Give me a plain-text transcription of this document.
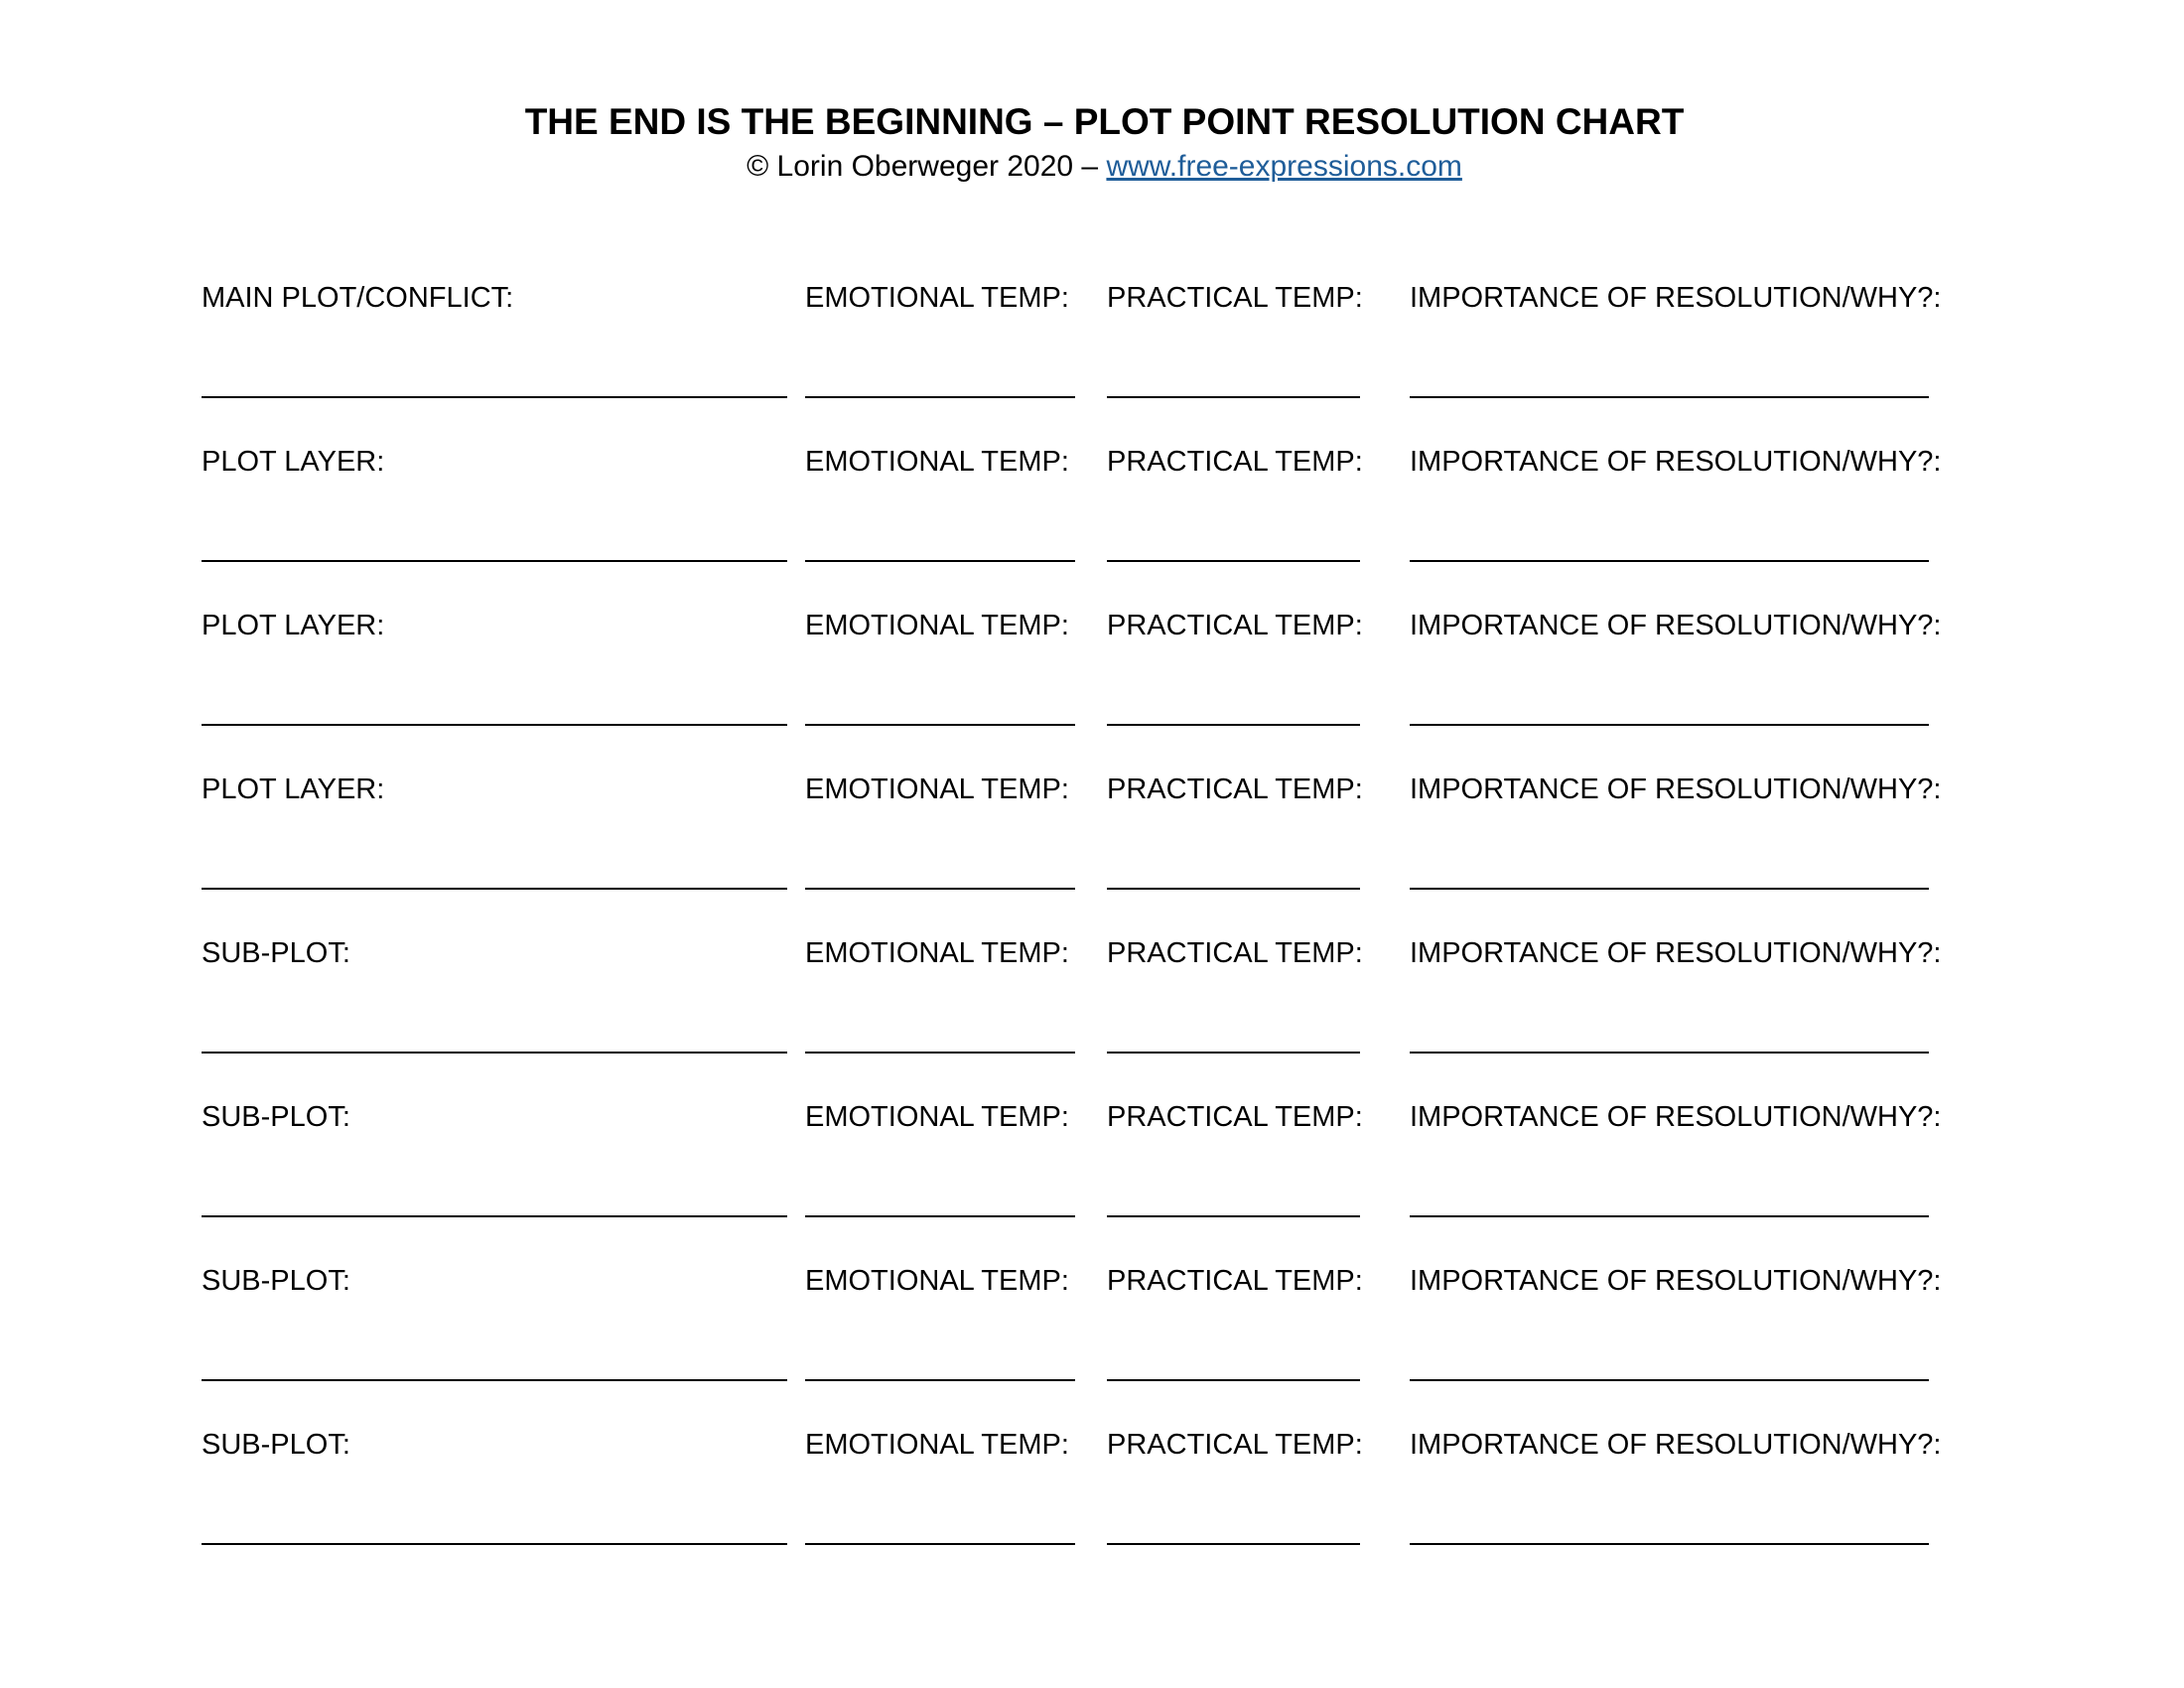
THE END IS THE BEGINNING – PLOT POINT RESOLUTION CHART
© Lorin Oberweger 2020 – www.free-expressions.com
MAIN PLOT/CONFLICT:	EMOTIONAL TEMP: PRACTICAL TEMP: IMPORTANCE OF RESOLUTION/WHY?:
PLOT LAYER:	EMOTIONAL TEMP: PRACTICAL TEMP: IMPORTANCE OF RESOLUTION/WHY?:
PLOT LAYER:	EMOTIONAL TEMP: PRACTICAL TEMP: IMPORTANCE OF RESOLUTION/WHY?:
PLOT LAYER:	EMOTIONAL TEMP: PRACTICAL TEMP: IMPORTANCE OF RESOLUTION/WHY?:
SUB-PLOT:	EMOTIONAL TEMP: PRACTICAL TEMP: IMPORTANCE OF RESOLUTION/WHY?:
SUB-PLOT:	EMOTIONAL TEMP: PRACTICAL TEMP: IMPORTANCE OF RESOLUTION/WHY?:
SUB-PLOT:	EMOTIONAL TEMP: PRACTICAL TEMP: IMPORTANCE OF RESOLUTION/WHY?:
SUB-PLOT:	EMOTIONAL TEMP: PRACTICAL TEMP: IMPORTANCE OF RESOLUTION/WHY?:
